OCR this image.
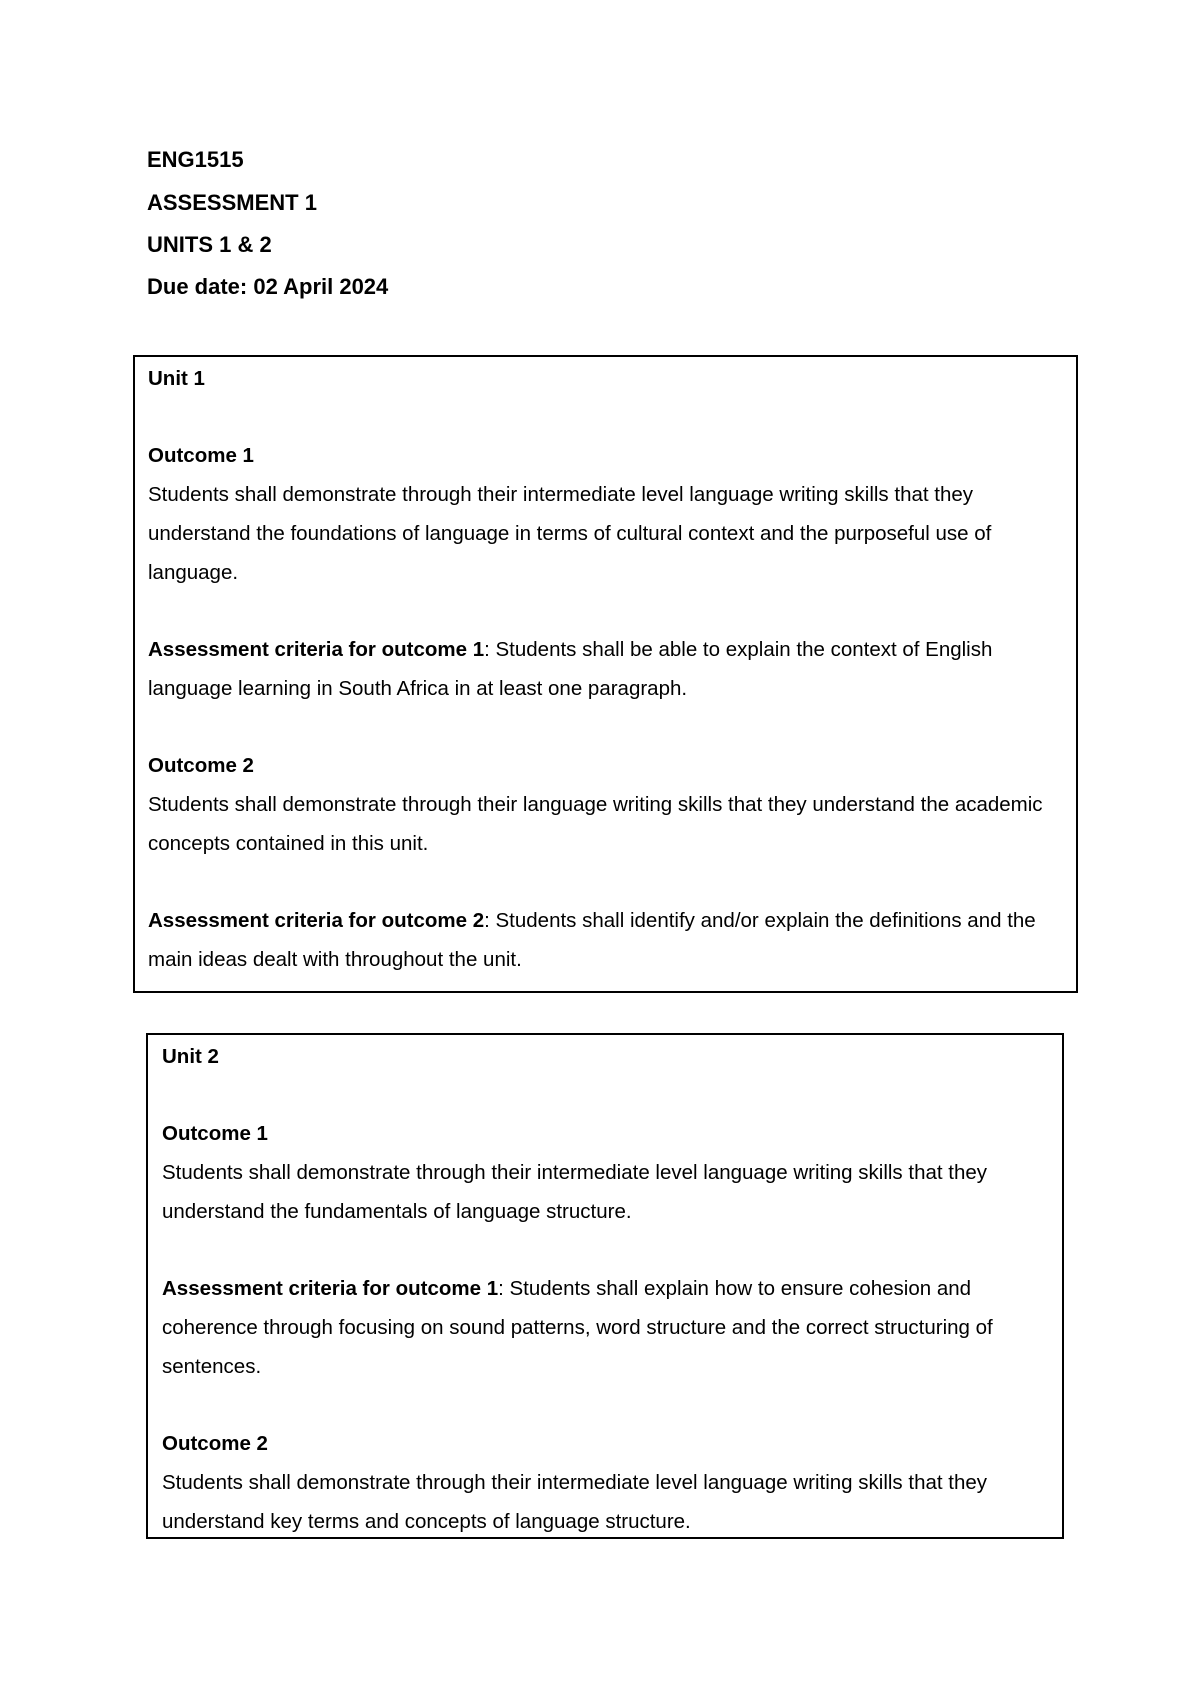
ENG1515

ASSESSMENT 1

UNITS 1 & 2

Due date: 02 April 2024

Unit 1

Outcome 1

Students shall demonstrate through their intermediate level language writing skills that they understand the foundations of language in terms of cultural context and the purposeful use of language.

Assessment criteria for outcome 1: Students shall be able to explain the context of English language learning in South Africa in at least one paragraph.

Outcome 2

Students shall demonstrate through their language writing skills that they understand the academic concepts contained in this unit.

Assessment criteria for outcome 2: Students shall identify and/or explain the definitions and the main ideas dealt with throughout the unit.

Unit 2

Outcome 1

Students shall demonstrate through their intermediate level language writing skills that they understand the fundamentals of language structure.

Assessment criteria for outcome 1: Students shall explain how to ensure cohesion and coherence through focusing on sound patterns, word structure and the correct structuring of sentences.

Outcome 2

Students shall demonstrate through their intermediate level language writing skills that they understand key terms and concepts of language structure.
